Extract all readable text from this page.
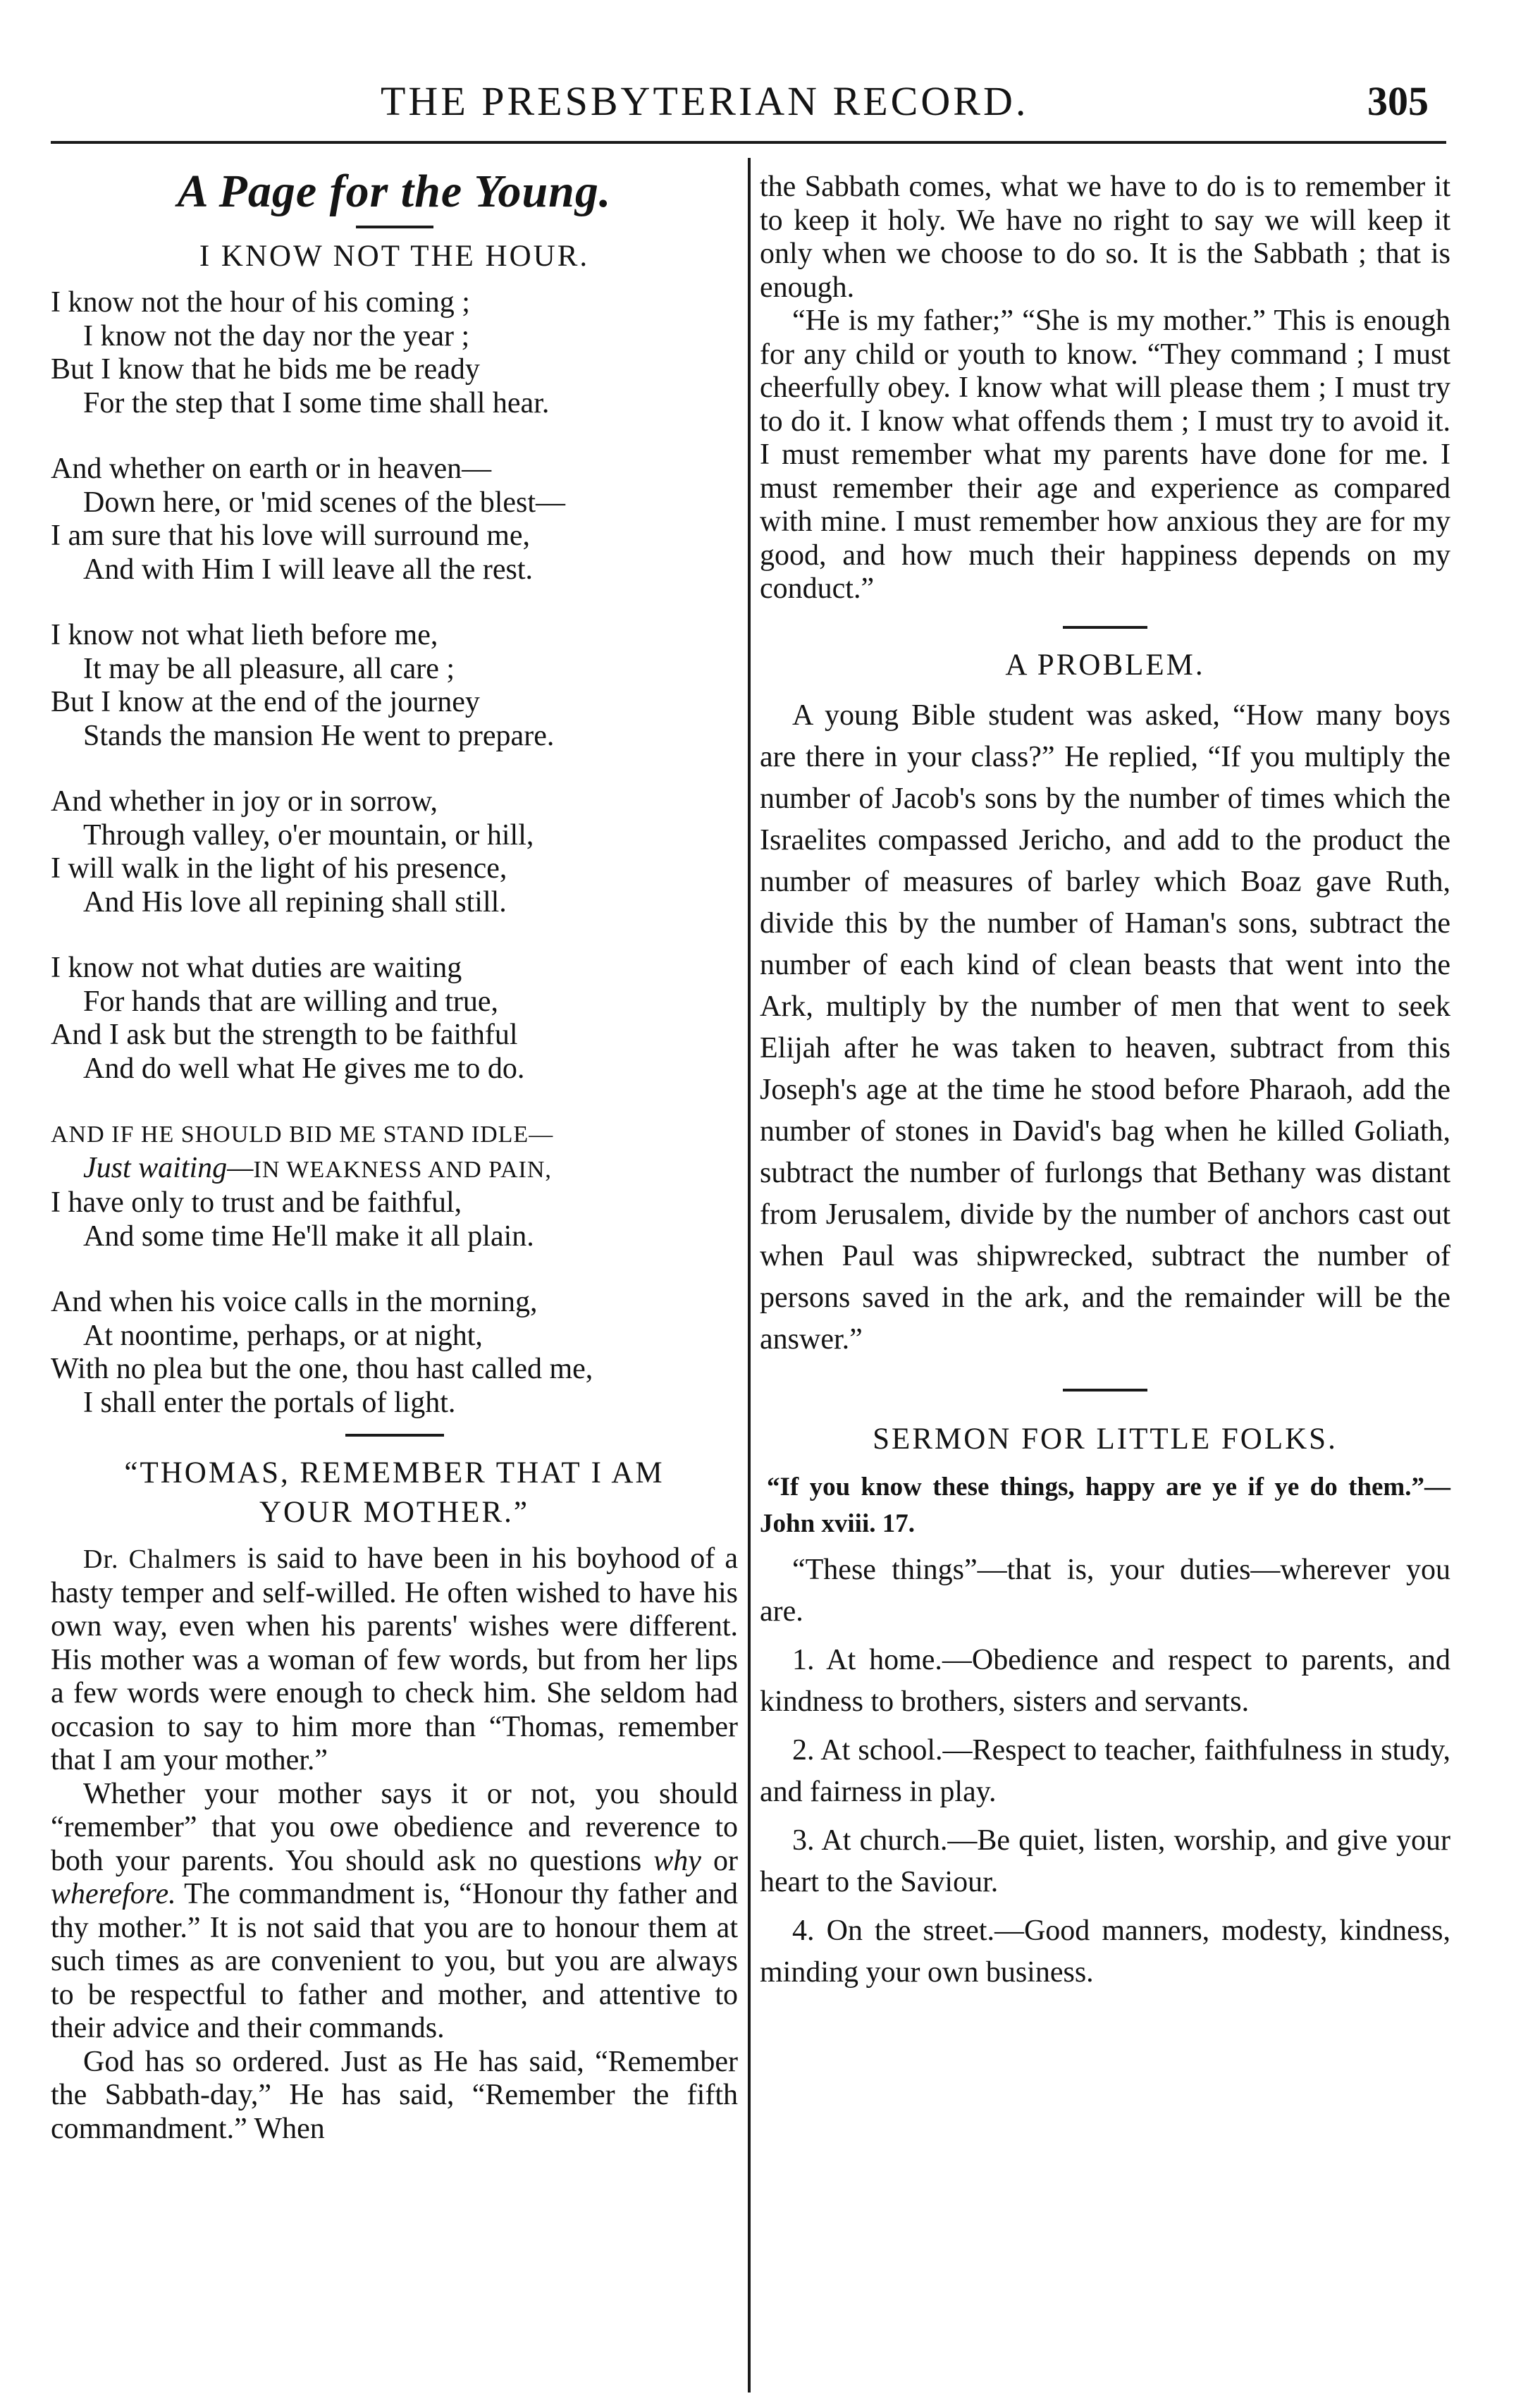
THE PRESBYTERIAN RECORD.	305
A Page for the Young.
I KNOW NOT THE HOUR.
I know not the hour of his coming ;
I know not the day nor the year ;
But I know that he bids me be ready
For the step that I some time shall hear.
And whether on earth or in heaven—
Down here, or 'mid scenes of the blest—
I am sure that his love will surround me,
And with Him I will leave all the rest.
I know not what lieth before me,
It may be all pleasure, all care ;
But I know at the end of the journey
Stands the mansion He went to prepare.
And whether in joy or in sorrow,
Through valley, o'er mountain, or hill,
I will walk in the light of his presence,
And His love all repining shall still.
I know not what duties are waiting
For hands that are willing and true,
And I ask but the strength to be faithful
And do well what He gives me to do.
AND IF HE SHOULD BID ME STAND IDLE—
Just waiting—IN WEAKNESS AND PAIN,
I have only to trust and be faithful,
And some time He'll make it all plain.
And when his voice calls in the morning,
At noontime, perhaps, or at night,
With no plea but the one, thou hast called me,
I shall enter the portals of light.
“THOMAS, REMEMBER THAT I AM
YOUR MOTHER.”

Dr. Chalmers is said to have been in his boyhood of a hasty temper and self-willed. He often wished to have his own way, even when his parents' wishes were different. His mother was a woman of few words, but from her lips a few words were enough to check him. She seldom had occasion to say to him more than “Thomas, remember that I am your mother.”

Whether your mother says it or not, you should “remember” that you owe obedience and reverence to both your parents. You should ask no questions why or wherefore. The commandment is, “Honour thy father and thy mother.” It is not said that you are to honour them at such times as are convenient to you, but you are always to be respectful to father and mother, and attentive to their advice and their commands.

God has so ordered. Just as He has said, “Remember the Sabbath-day,” He has said, “Remember the fifth commandment.” When

the Sabbath comes, what we have to do is to remember it to keep it holy. We have no right to say we will keep it only when we choose to do so. It is the Sabbath ; that is enough.

“He is my father;” “She is my mother.” This is enough for any child or youth to know. “They command ; I must cheerfully obey. I know what will please them ; I must try to do it. I know what offends them ; I must try to avoid it. I must remember what my parents have done for me. I must remember their age and experience as compared with mine. I must remember how anxious they are for my good, and how much their happiness depends on my conduct.”

A PROBLEM.

A young Bible student was asked, “How many boys are there in your class?” He replied, “If you multiply the number of Jacob's sons by the number of times which the Israelites compassed Jericho, and add to the product the number of measures of barley which Boaz gave Ruth, divide this by the number of Haman's sons, subtract the number of each kind of clean beasts that went into the Ark, multiply by the number of men that went to seek Elijah after he was taken to heaven, subtract from this Joseph's age at the time he stood before Pharaoh, add the number of stones in David's bag when he killed Goliath, subtract the number of furlongs that Bethany was distant from Jerusalem, divide by the number of anchors cast out when Paul was shipwrecked, subtract the number of persons saved in the ark, and the remainder will be the answer.”

SERMON FOR LITTLE FOLKS.
“If you know these things, happy are ye if ye do them.”—John xviii. 17.

“These things”—that is, your duties—wherever you are.

1. At home.—Obedience and respect to parents, and kindness to brothers, sisters and servants.

2. At school.—Respect to teacher, faithfulness in study, and fairness in play.

3. At church.—Be quiet, listen, worship, and give your heart to the Saviour.

4. On the street.—Good manners, modesty, kindness, minding your own business.
